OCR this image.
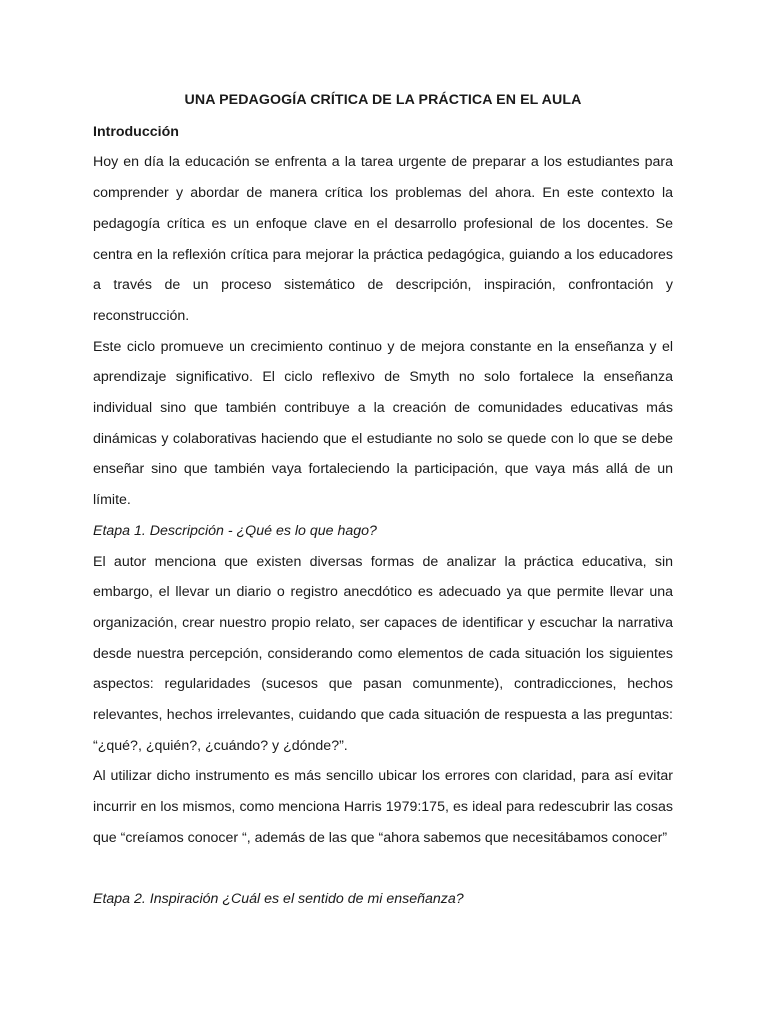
UNA PEDAGOGÍA CRÍTICA DE LA PRÁCTICA EN EL AULA

Introducción

Hoy en día la educación se enfrenta a la tarea urgente de preparar a los estudiantes para comprender y abordar de manera crítica los problemas del ahora. En este contexto la pedagogía crítica es un enfoque clave en el desarrollo profesional de los docentes. Se centra en la reflexión crítica para mejorar la práctica pedagógica, guiando a los educadores a través de un proceso sistemático de descripción, inspiración, confrontación y reconstrucción.

Este ciclo promueve un crecimiento continuo y de mejora constante en la enseñanza y el aprendizaje significativo. El ciclo reflexivo de Smyth no solo fortalece la enseñanza individual sino que también contribuye a la creación de comunidades educativas más dinámicas y colaborativas haciendo que el estudiante no solo se quede con lo que se debe enseñar sino que también vaya fortaleciendo la participación, que vaya más allá de un límite.

Etapa 1. Descripción - ¿Qué es lo que hago?

El autor menciona que existen diversas formas de analizar la práctica educativa, sin embargo, el llevar un diario o registro anecdótico es adecuado ya que permite llevar una organización, crear nuestro propio relato, ser capaces de identificar y escuchar la narrativa desde nuestra percepción, considerando como elementos de cada situación los siguientes aspectos: regularidades (sucesos que pasan comunmente), contradicciones, hechos relevantes, hechos irrelevantes, cuidando que cada situación de respuesta a las preguntas: “¿qué?, ¿quién?, ¿cuándo? y ¿dónde?”.

Al utilizar dicho instrumento es más sencillo ubicar los errores con claridad, para así evitar incurrir en los mismos, como menciona Harris 1979:175, es ideal para redescubrir las cosas que “creíamos conocer “, además de las que “ahora sabemos que necesitábamos conocer”

Etapa 2. Inspiración ¿Cuál es el sentido de mi enseñanza?
